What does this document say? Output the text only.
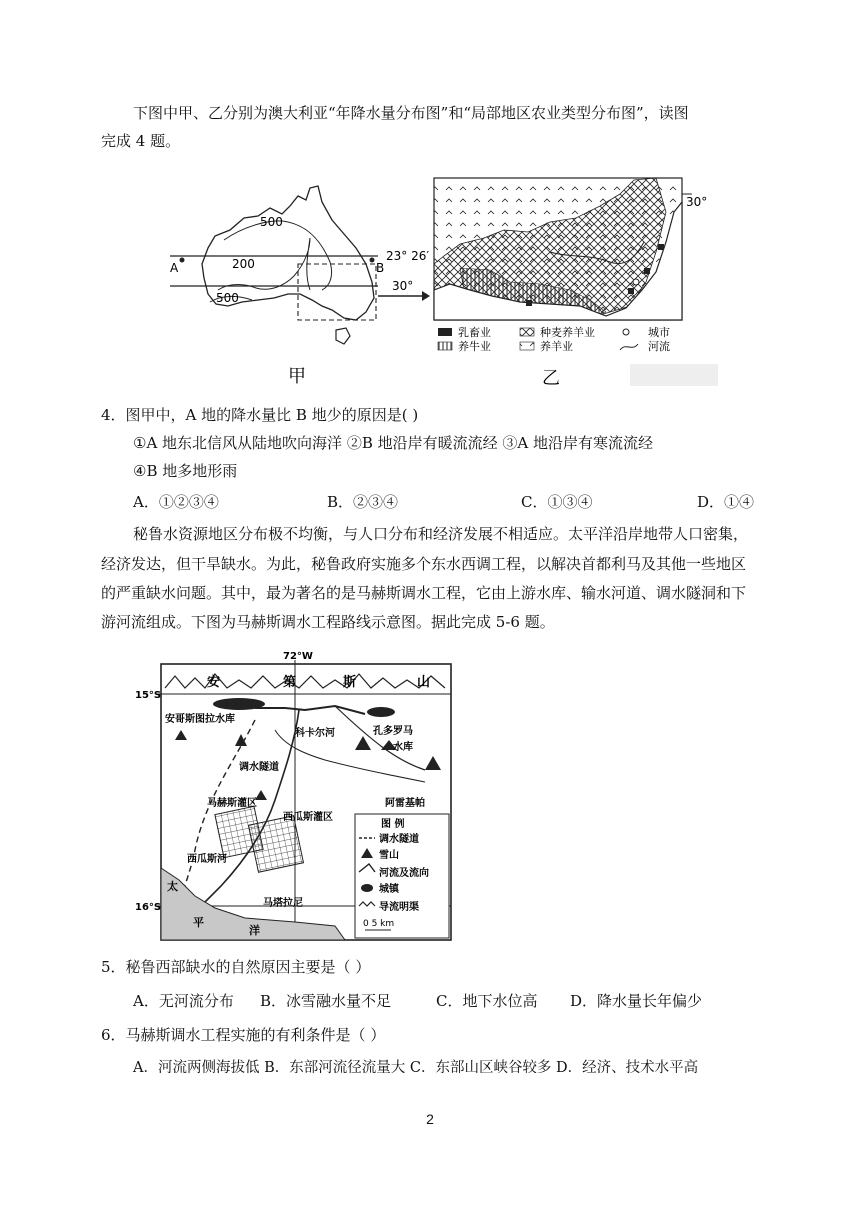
下图中甲、乙分别为澳大利亚“年降水量分布图”和“局部地区农业类型分布图”，读图
完成 4 题。
500
200
500
A	B
23° 26′
30°
甲
30°
乳畜业
养牛业
种麦养羊业
养羊业
城市
河流
乙
4．图甲中，A 地的降水量比 B 地少的原因是( )
①A 地东北信风从陆地吹向海洋 ②B 地沿岸有暖流流经 ③A 地沿岸有寒流流经
④B 地多地形雨
A．①②③④	B．②③④	C．①③④	D．①④
秘鲁水资源地区分布极不均衡，与人口分布和经济发展不相适应。太平洋沿岸地带人口密集，
经济发达，但干旱缺水。为此，秘鲁政府实施多个东水西调工程，以解决首都利马及其他一些地区
的严重缺水问题。其中，最为著名的是马赫斯调水工程，它由上游水库、输水河道、调水隧洞和下
游河流组成。下图为马赫斯调水工程路线示意图。据此完成 5-6 题。
72°W
15°S
16°S
安	第	斯	山
安哥斯图拉水库
孔多罗马
水库
科卡尔河
调水隧道
马赫斯灌区
西瓜斯灌区
阿雷基帕
西瓜斯河
太
平
洋
马塔拉尼
图 例
调水隧道
雪山
河流及流向
城镇
导流明渠
0 5 km
5．秘鲁西部缺水的自然原因主要是（ ）
A．无河流分布 B．冰雪融水量不足	C．地下水位高 D．降水量长年偏少
6．马赫斯调水工程实施的有利条件是（ ）
A．河流两侧海拔低 B．东部河流径流量大 C．东部山区峡谷较多 D．经济、技术水平高
2
